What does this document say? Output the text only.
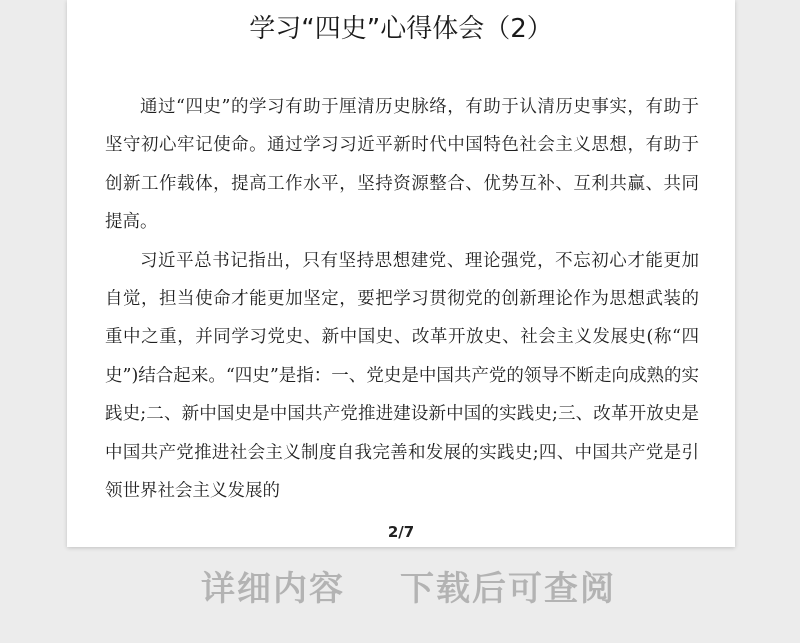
学习“四史”心得体会（2）

通过“四史”的学习有助于厘清历史脉络，有助于认清历史事实，有助于坚守初心牢记使命。通过学习习近平新时代中国特色社会主义思想，有助于创新工作载体，提高工作水平，坚持资源整合、优势互补、互利共赢、共同提高。

习近平总书记指出，只有坚持思想建党、理论强党，不忘初心才能更加自觉，担当使命才能更加坚定，要把学习贯彻党的创新理论作为思想武装的重中之重，并同学习党史、新中国史、改革开放史、社会主义发展史(称“四史”)结合起来。“四史”是指：一、党史是中国共产党的领导不断走向成熟的实践史;二、新中国史是中国共产党推进建设新中国的实践史;三、改革开放史是中国共产党推进社会主义制度自我完善和发展的实践史;四、中国共产党是引领世界社会主义发展的

2/7
详细内容 下载后可查阅
